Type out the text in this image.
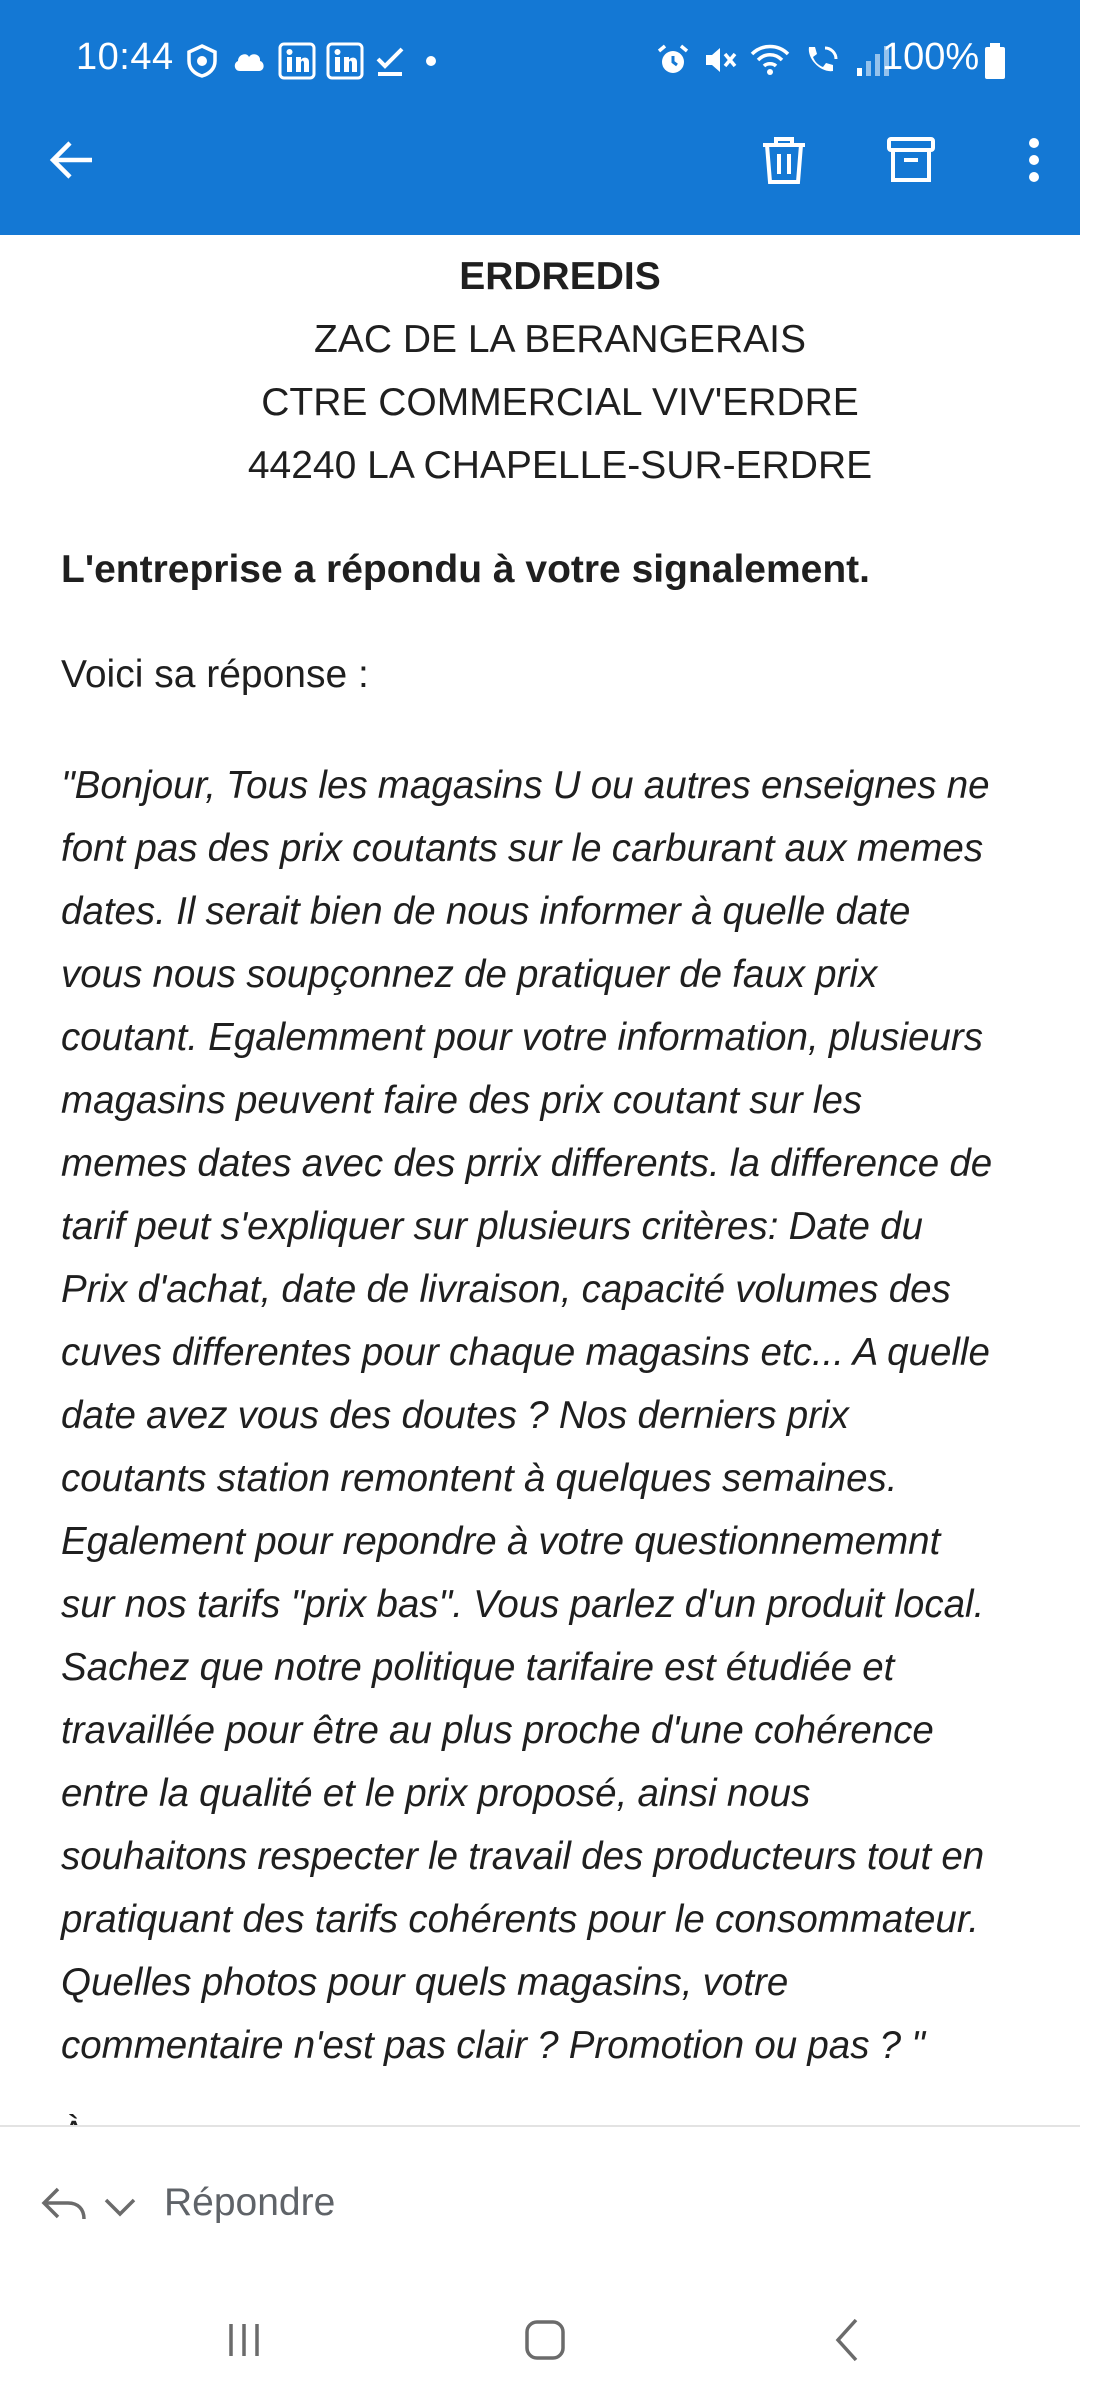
10:44	100%
ERDREDIS
ZAC DE LA BERANGERAIS
CTRE COMMERCIAL VIV'ERDRE
44240 LA CHAPELLE-SUR-ERDRE
L'entreprise a répondu à votre signalement.
Voici sa réponse :
"Bonjour, Tous les magasins U ou autres enseignes ne
font pas des prix coutants sur le carburant aux memes
dates. Il serait bien de nous informer à quelle date
vous nous soupçonnez de pratiquer de faux prix
coutant. Egalemment pour votre information, plusieurs
magasins peuvent faire des prix coutant sur les
memes dates avec des prrix differents. la difference de
tarif peut s'expliquer sur plusieurs critères: Date du
Prix d'achat, date de livraison, capacité volumes des
cuves differentes pour chaque magasins etc... A quelle
date avez vous des doutes ? Nos derniers prix
coutants station remontent à quelques semaines.
Egalement pour repondre à votre questionnememnt
sur nos tarifs "prix bas". Vous parlez d'un produit local.
Sachez que notre politique tarifaire est étudiée et
travaillée pour être au plus proche d'une cohérence
entre la qualité et le prix proposé, ainsi nous
souhaitons respecter le travail des producteurs tout en
pratiquant des tarifs cohérents pour le consommateur.
Quelles photos pour quels magasins, votre
commentaire n'est pas clair ? Promotion ou pas ? "
Répondre
